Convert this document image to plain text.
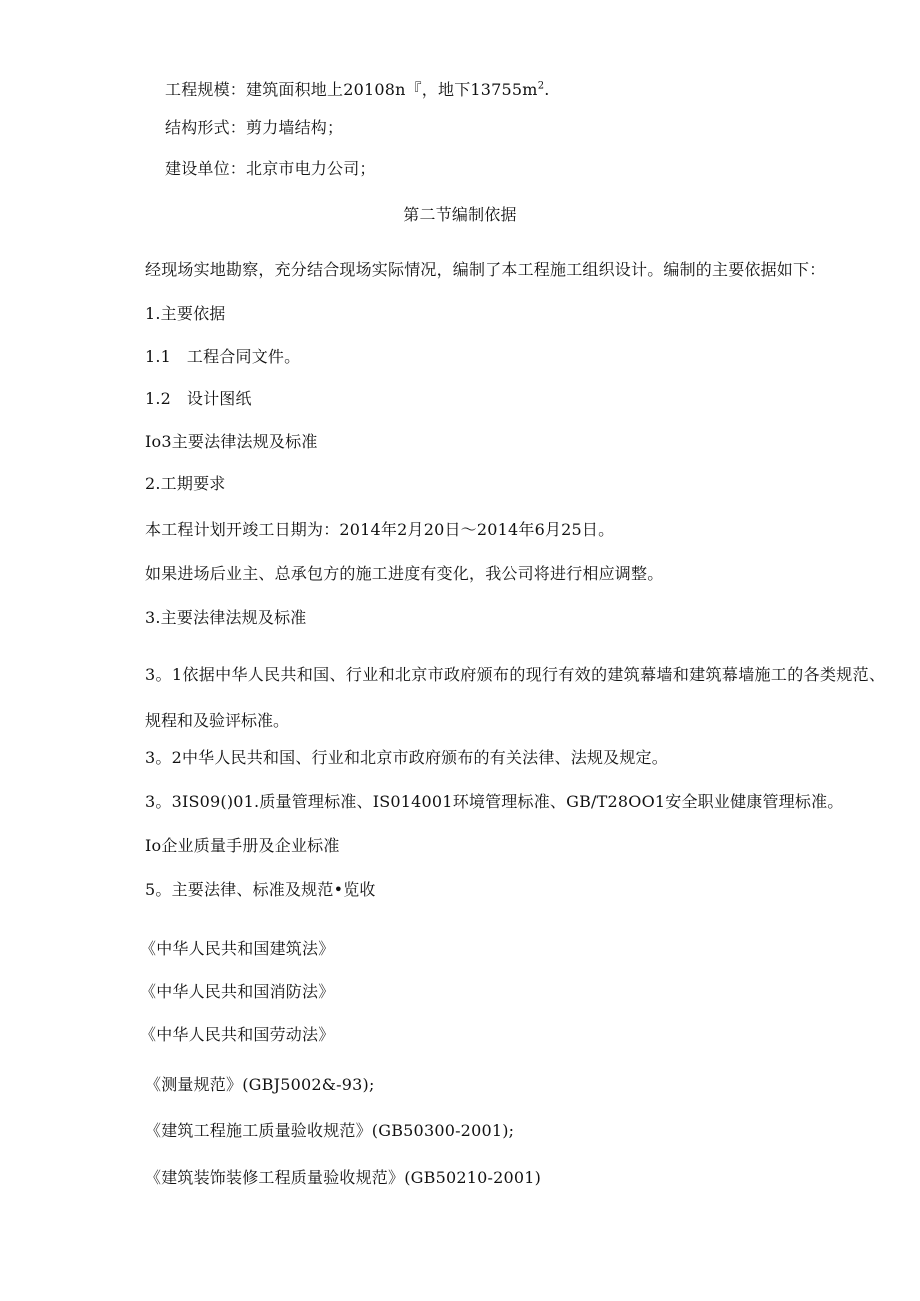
工程规模：建筑面积地上20108n『，地下$13755m^2$.
结构形式：剪力墙结构；
建设单位：北京市电力公司；
第二节编制依据
经现场实地勘察，充分结合现场实际情况，编制了本工程施工组织设计。编制的主要依据如下：
1.主要依据
1.1   工程合同文件。
1.2   设计图纸
Io3主要法律法规及标准
2.工期要求
本工程计划开竣工日期为：2014年2月20日～2014年6月25日。
如果进场后业主、总承包方的施工进度有变化，我公司将进行相应调整。
3.主要法律法规及标准
3。1依据中华人民共和国、行业和北京市政府颁布的现行有效的建筑幕墙和建筑幕墙施工的各类规范、规程和及验评标准。
3。2中华人民共和国、行业和北京市政府颁布的有关法律、法规及规定。
3。3IS09()01.质量管理标准、IS014001环境管理标准、GB/T28OO1安全职业健康管理标准。
Io企业质量手册及企业标准
5。主要法律、标准及规范•览收
《中华人民共和国建筑法》
《中华人民共和国消防法》
《中华人民共和国劳动法》
《测量规范》(GBJ5002&-93);
《建筑工程施工质量验收规范》(GB50300-2001);
《建筑装饰装修工程质量验收规范》(GB50210-2001)
